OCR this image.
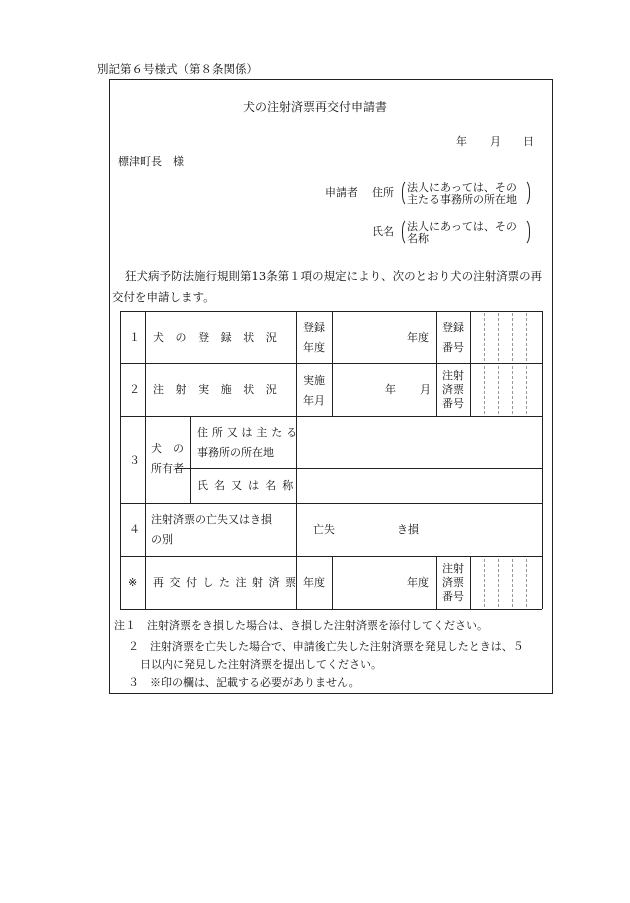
別記第６号様式（第８条関係）
犬の注射済票再交付申請書
年 月 日
標津町長　様
申請者 住所 法人にあっては、その
主たる事務所の所在地
氏名 法人にあっては、その
名称
狂犬病予防法施行規則第13条第１項の規定により、次のとおり犬の注射済票の再
交付を申請します。
１ 犬の登録状況
登録
年度
年度
登録
番号
２ 注射実施状況
実施
年月
年 月
注射
済票
番号
３
犬　の
所有者
住所又は主たる
事務所の所在地
氏名又は名称
４
注射済票の亡失又はき損
の別
亡失	き損
※ 再交付した注射済票 年度	年度
注射
済票
番号
注１　注射済票をき損した場合は、き損した注射済票を添付してください。
２　注射済票を亡失した場合で、申請後亡失した注射済票を発見したときは、５
日以内に発見した注射済票を提出してください。
３　※印の欄は、記載する必要がありません。
